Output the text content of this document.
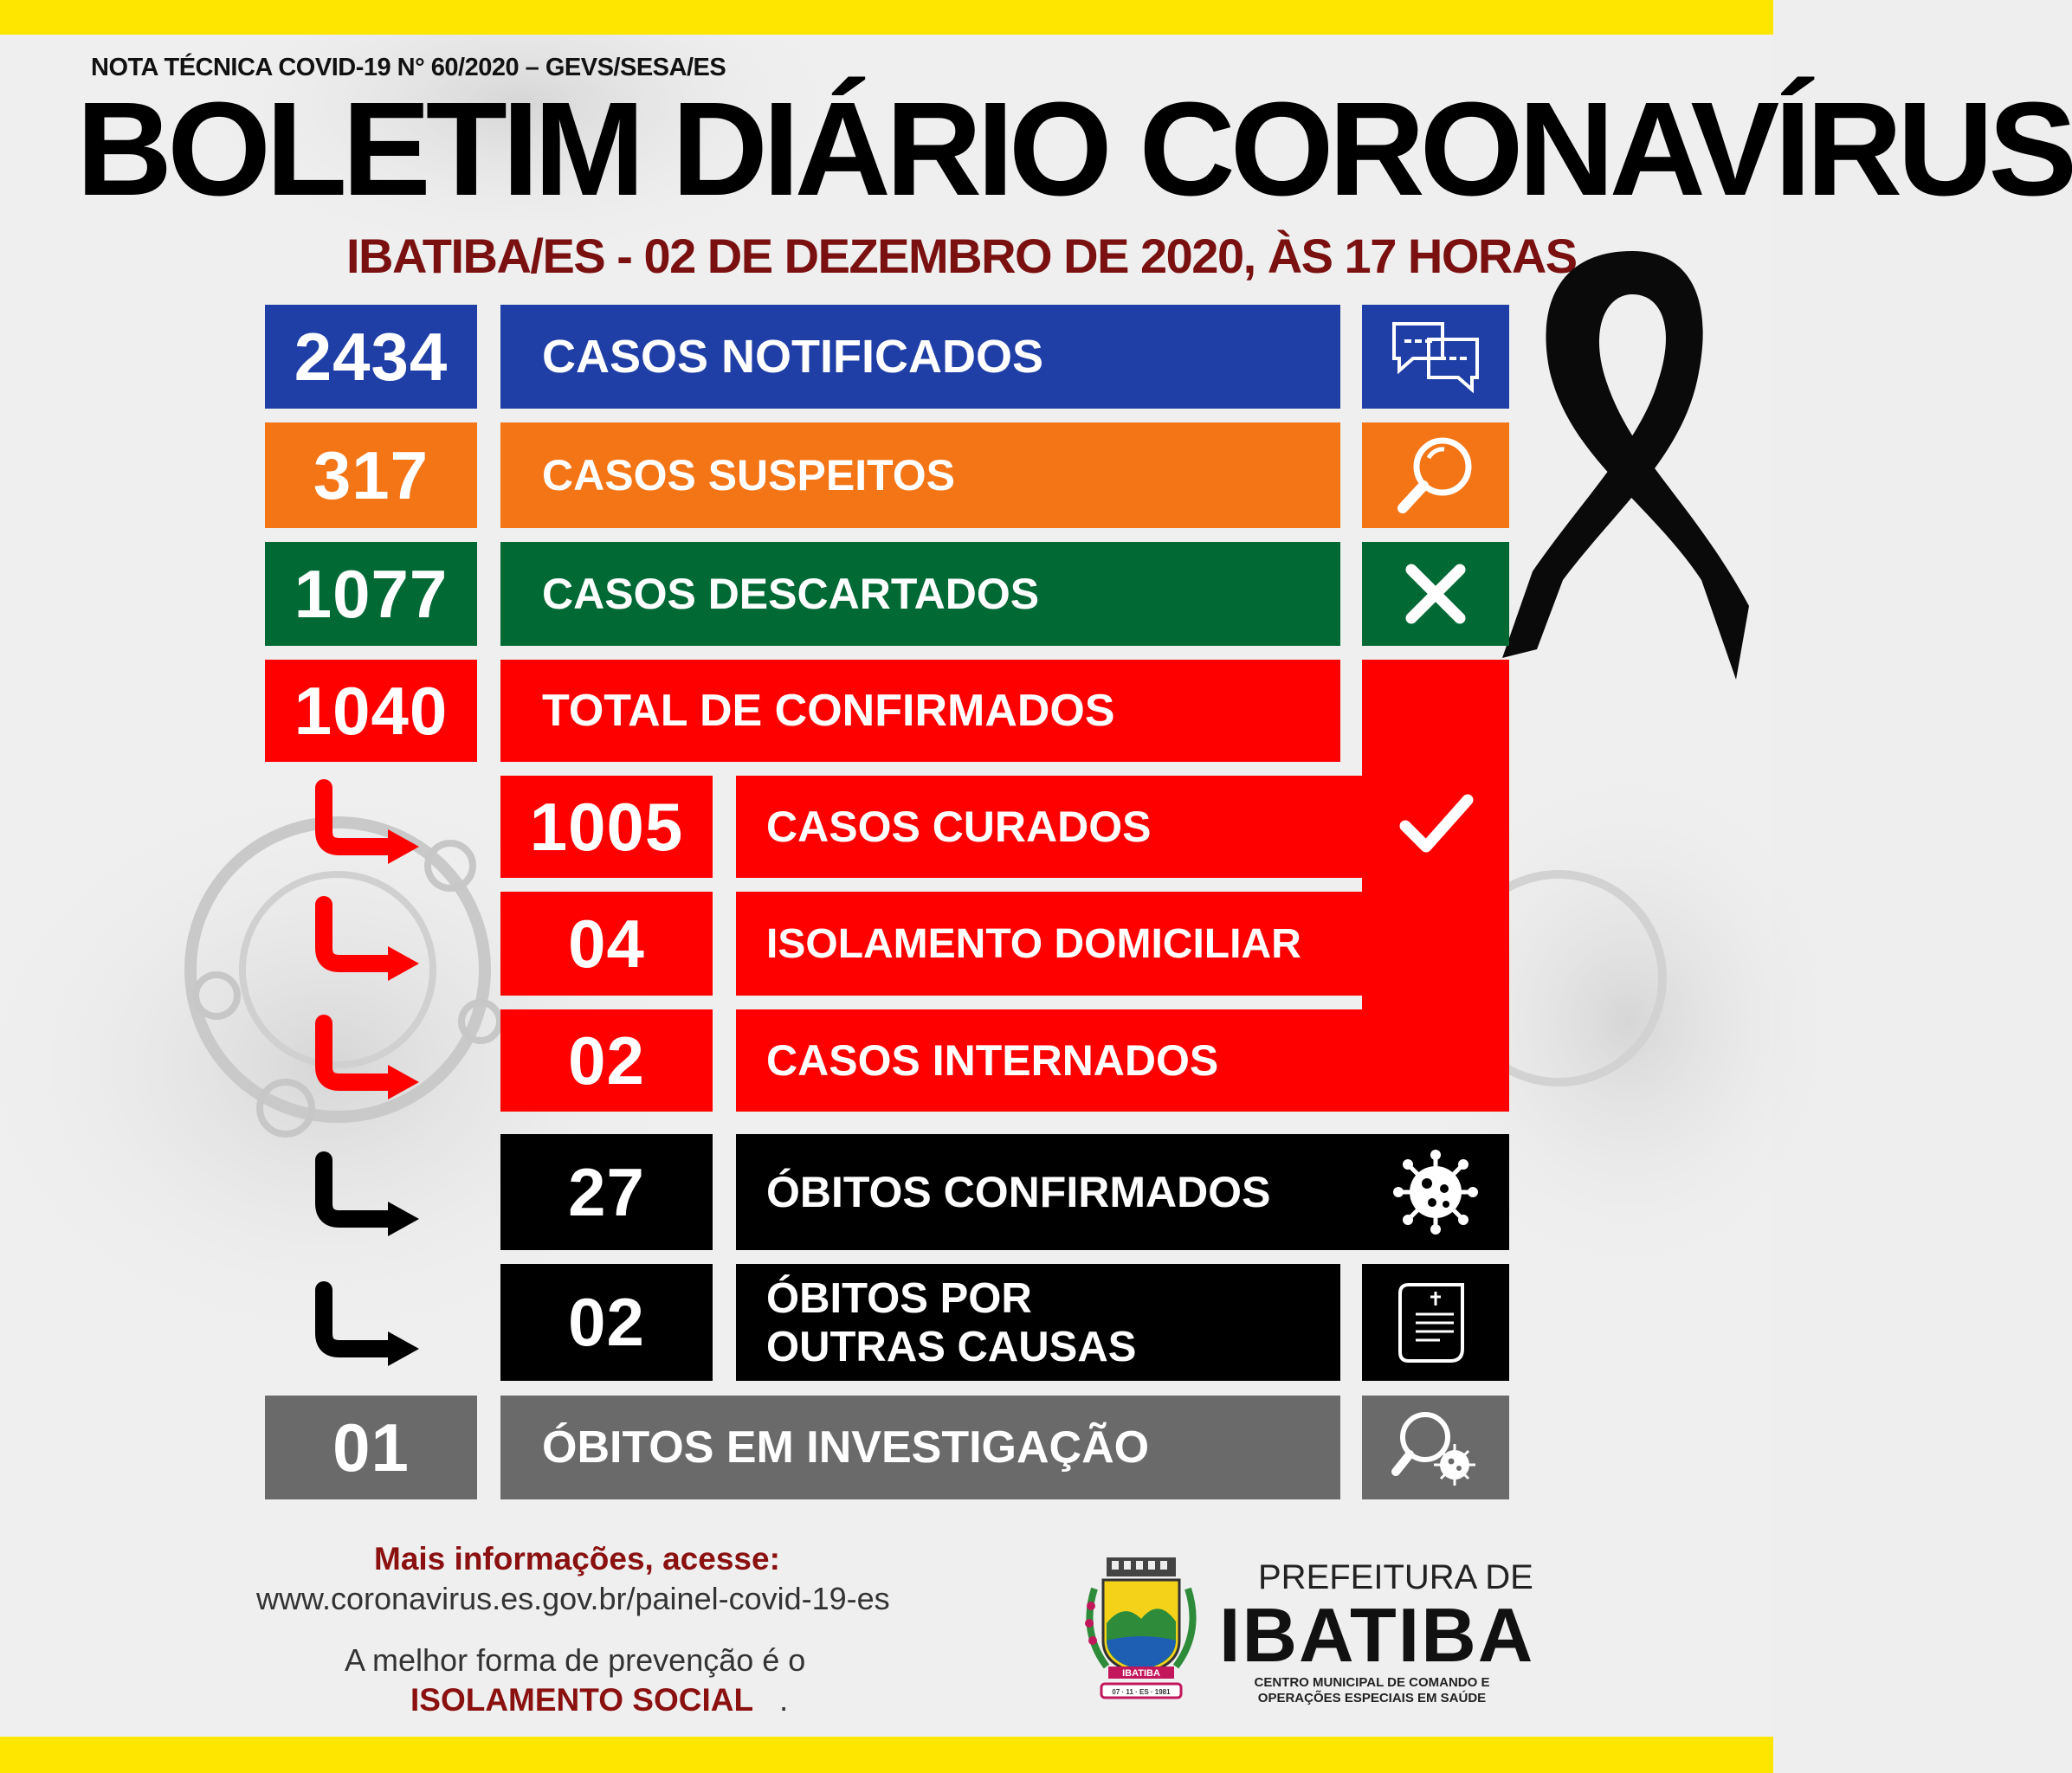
NOTA TÉCNICA COVID-19 N° 60/2020 – GEVS/SESA/ES
BOLETIM DIÁRIO CORONAVÍRUS
IBATIBA/ES - 02 DE DEZEMBRO DE 2020, ÀS 17 HORAS
2434	CASOS NOTIFICADOS
317	CASOS SUSPEITOS
1077	CASOS DESCARTADOS
1040	TOTAL DE CONFIRMADOS
1005	CASOS CURADOS
04	ISOLAMENTO DOMICILIAR
02	CASOS INTERNADOS
27	ÓBITOS CONFIRMADOS
02	ÓBITOS POR OUTRAS CAUSAS
01	ÓBITOS EM INVESTIGAÇÃO
Mais informações, acesse:
www.coronavirus.es.gov.br/painel-covid-19-es
A melhor forma de prevenção é o
ISOLAMENTO SOCIAL .
IBATIBA
07 · 11 · ES · 1981
PREFEITURA DE
IBATIBA
CENTRO MUNICIPAL DE COMANDO E OPERAÇÕES ESPECIAIS EM SAÚDE
